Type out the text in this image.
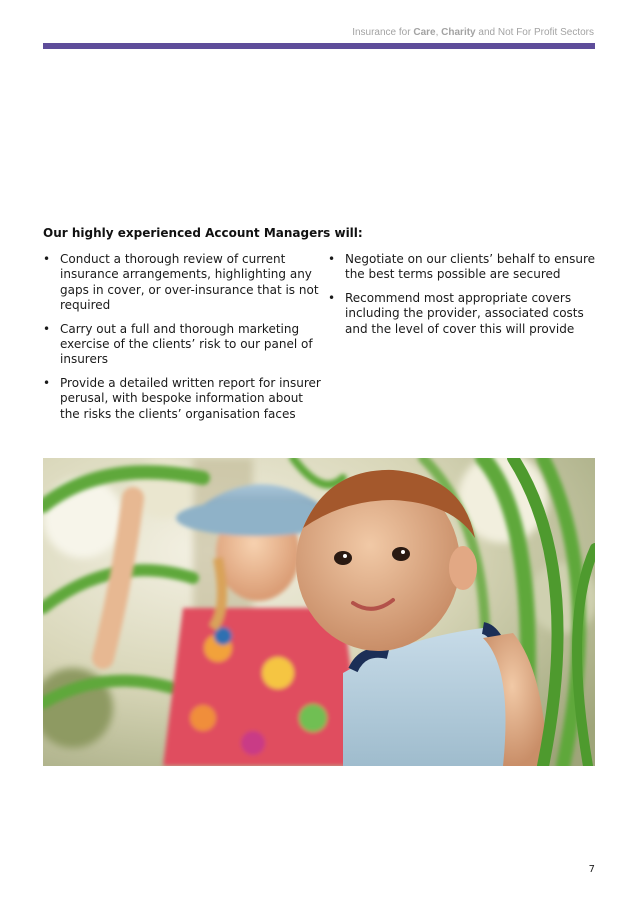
Insurance for Care, Charity and Not For Profit Sectors
Our highly experienced Account Managers will:
• Conduct a thorough review of current insurance arrangements, highlighting any gaps in cover, or over-insurance that is not required
• Carry out a full and thorough marketing exercise of the clients’ risk to our panel of insurers
• Provide a detailed written report for insurer perusal, with bespoke information about the risks the clients’ organisation faces
• Negotiate on our clients’ behalf to ensure the best terms possible are secured
• Recommend most appropriate covers including the provider, associated costs and the level of cover this will provide
7
